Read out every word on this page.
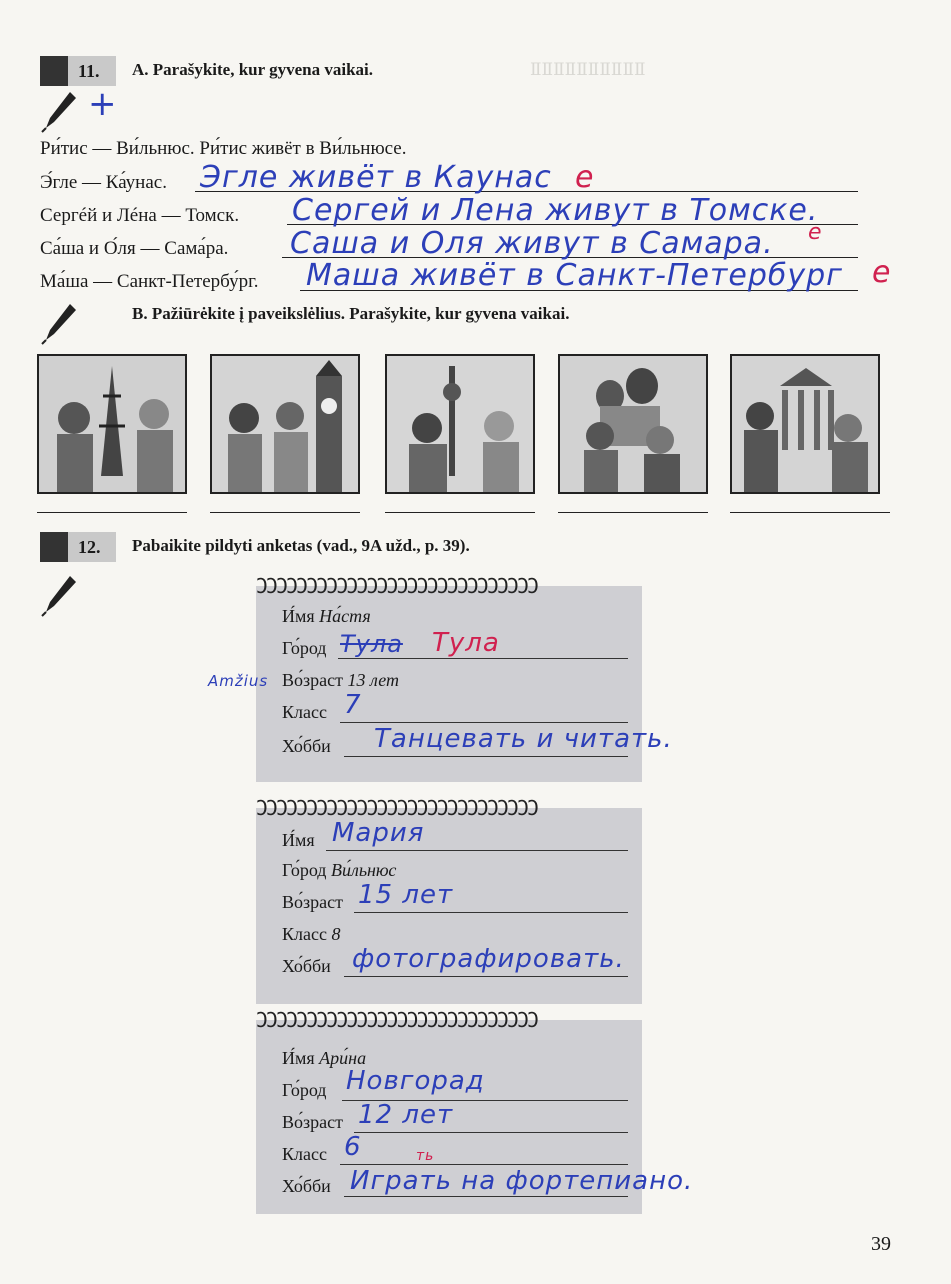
ⅡⅡⅡⅡⅡⅡⅡⅡⅡⅡ
11. A. Parašykite, kur gyvena vaikai.
+
Ри́тис — Ви́льнюс. Ри́тис живёт в Ви́льнюсе.
Э́гле — Ка́унас. Эгле живёт в Каунас е
Сергéй и Лéна — Томск. Сергей и Лена живут в Томске.
Са́ша и О́ля — Сама́ра. Саша и Оля живут в Самара. е
Ма́ша — Санкт-Петербу́рг. Маша живёт в Санкт-Петербург е
B. Pažiūrėkite į paveikslėlius. Parašykite, kur gyvena vaikai.
12. Pabaikite pildyti anketas (vad., 9A užd., p. 39).
ƆƆƆƆƆƆƆƆƆƆƆƆƆƆƆƆƆƆƆƆƆƆƆƆƆƆƆƆ
И́мя На́стя
Го́род Тула Тула
Во́зраст 13 лет
Класс 7
Хо́бби Танцевать и читать.
Amžius
ƆƆƆƆƆƆƆƆƆƆƆƆƆƆƆƆƆƆƆƆƆƆƆƆƆƆƆƆ
И́мя Мария
Го́род Ви́льнюс
Во́зраст 15 лет
Класс 8
Хо́бби фотографировать.
ƆƆƆƆƆƆƆƆƆƆƆƆƆƆƆƆƆƆƆƆƆƆƆƆƆƆƆƆ
И́мя Ари́на
Го́род Новгорад
Во́зраст 12 лет
Класс 6
Хо́бби Играть на фортепиано.
ть
39
